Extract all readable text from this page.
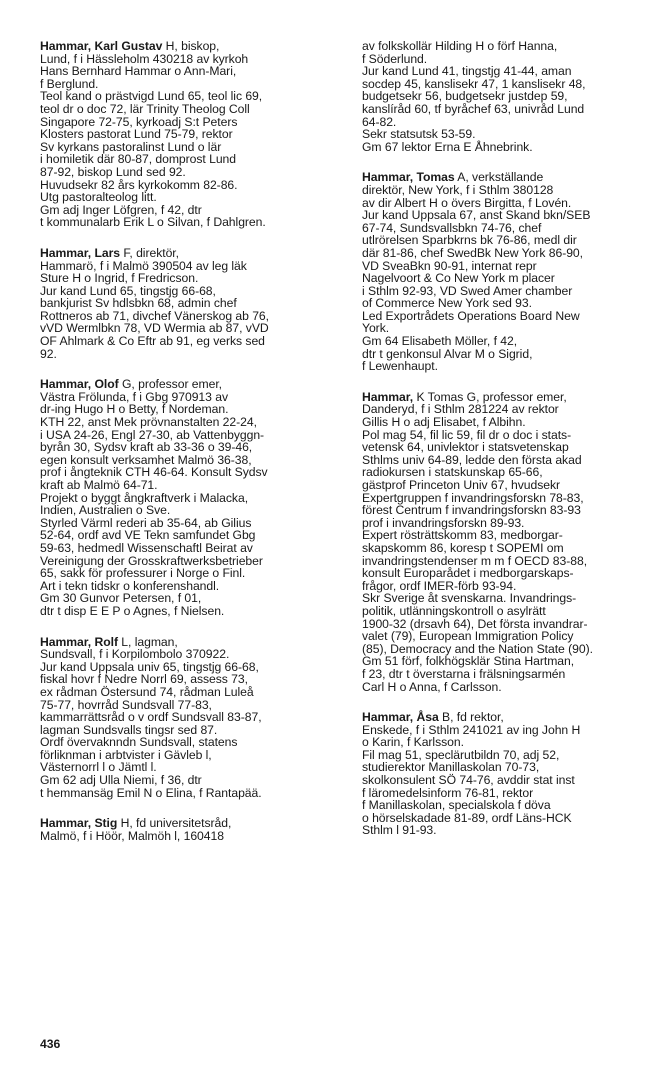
Hammar, Karl Gustav H, biskop,

Lund, f i Hässleholm 430218 av kyrkoh

Hans Bernhard Hammar o Ann-Mari,

f Berglund.

Teol kand o prästvigd Lund 65, teol lic 69,

teol dr o doc 72, lär Trinity Theolog Coll

Singapore 72-75, kyrkoadj S:t Peters

Klosters pastorat Lund 75-79, rektor

Sv kyrkans pastoralinst Lund o lär

i homiletik där 80-87, domprost Lund

87-92, biskop Lund sed 92.

Huvudsekr 82 års kyrkokomm 82-86.

Utg pastoralteolog litt.

Gm adj Inger Löfgren, f 42, dtr

t kommunalarb Erik L o Silvan, f Dahlgren.

Hammar, Lars F, direktör,

Hammarö, f i Malmö 390504 av leg läk

Sture H o Ingrid, f Fredricson.

Jur kand Lund 65, tingstjg 66-68,

bankjurist Sv hdlsbkn 68, admin chef

Rottneros ab 71, divchef Vänerskog ab 76,

vVD Wermlbkn 78, VD Wermia ab 87, vVD

OF Ahlmark & Co Eftr ab 91, eg verks sed

92.

Hammar, Olof G, professor emer,

Västra Frölunda, f i Gbg 970913 av

dr-ing Hugo H o Betty, f Nordeman.

KTH 22, anst Mek prövnanstalten 22-24,

i USA 24-26, Engl 27-30, ab Vattenbyggn-

byrån 30, Sydsv kraft ab 33-36 o 39-46,

egen konsult verksamhet Malmö 36-38,

prof i ångteknik CTH 46-64. Konsult Sydsv

kraft ab Malmö 64-71.

Projekt o byggt ångkraftverk i Malacka,

Indien, Australien o Sve.

Styrled Värml rederi ab 35-64, ab Gilius

52-64, ordf avd VE Tekn samfundet Gbg

59-63, hedmedl Wissenschaftl Beirat av

Vereinigung der Grosskraftwerksbetrieber

65, sakk för professurer i Norge o Finl.

Art i tekn tidskr o konferenshandl.

Gm 30 Gunvor Petersen, f 01,

dtr t disp E E P o Agnes, f Nielsen.

Hammar, Rolf L, lagman,

Sundsvall, f i Korpilombolo 370922.

Jur kand Uppsala univ 65, tingstjg 66-68,

fiskal hovr f Nedre Norrl 69, assess 73,

ex rådman Östersund 74, rådman Luleå

75-77, hovrråd Sundsvall 77-83,

kammarrättsråd o v ordf Sundsvall 83-87,

lagman Sundsvalls tingsr sed 87.

Ordf övervaknndn Sundsvall, statens

förliknman i arbtvister i Gävleb l,

Västernorrl l o Jämtl l.

Gm 62 adj Ulla Niemi, f 36, dtr

t hemmansäg Emil N o Elina, f Rantapää.

Hammar, Stig H, fd universitetsråd,

Malmö, f i Höör, Malmöh l, 160418

av folkskollär Hilding H o förf Hanna,

f Söderlund.

Jur kand Lund 41, tingstjg 41-44, aman

socdep 45, kanslisekr 47, 1 kanslisekr 48,

budgetsekr 56, budgetsekr justdep 59,

kanslíråd 60, tf byråchef 63, univråd Lund

64-82.

Sekr statsutsk 53-59.

Gm 67 lektor Erna E Åhnebrink.

Hammar, Tomas A, verkställande

direktör, New York, f i Sthlm 380128

av dir Albert H o övers Birgitta, f Lovén.

Jur kand Uppsala 67, anst Skand bkn/SEB

67-74, Sundsvallsbkn 74-76, chef

utlrörelsen Sparbkrns bk 76-86, medl dir

där 81-86, chef SwedBk New York 86-90,

VD SveaBkn 90-91, internat repr

Nagelvoort & Co New York m placer

i Sthlm 92-93, VD Swed Amer chamber

of Commerce New York sed 93.

Led Exportrådets Operations Board New

York.

Gm 64 Elisabeth Möller, f 42,

dtr t genkonsul Alvar M o Sigrid,

f Lewenhaupt.

Hammar, K Tomas G, professor emer,

Danderyd, f i Sthlm 281224 av rektor

Gillis H o adj Elisabet, f Albihn.

Pol mag 54, fil lic 59, fil dr o doc i stats-

vetensk 64, univlektor i statsvetenskap

Sthlms univ 64-89, ledde den första akad

radiokursen i statskunskap 65-66,

gästprof Princeton Univ 67, hvudsekr

Expertgruppen f invandringsforskn 78-83,

förest Centrum f invandringsforskn 83-93

prof i invandringsforskn 89-93.

Expert rösträttskomm 83, medborgar-

skapskomm 86, koresp t SOPEMI om

invandringstendenser m m f OECD 83-88,

konsult Europarådet i medborgarskaps-

frågor, ordf IMER-förb 93-94.

Skr Sverige åt svenskarna. Invandrings-

politik, utlänningskontroll o asylrätt

1900-32 (drsavh 64), Det första invandrar-

valet (79), European Immigration Policy

(85), Democracy and the Nation State (90).

Gm 51 förf, folkhögsklär Stina Hartman,

f 23, dtr t överstarna i frälsningsarmén

Carl H o Anna, f Carlsson.

Hammar, Åsa B, fd rektor,

Enskede, f i Sthlm 241021 av ing John H

o Karin, f Karlsson.

Fil mag 51, speclärutbildn 70, adj 52,

studierektor Manillaskolan 70-73,

skolkonsulent SÖ 74-76, avddir stat inst

f läromedelsinform 76-81, rektor

f Manillaskolan, specialskola f döva

o hörselskadade 81-89, ordf Läns-HCK

Sthlm l 91-93.

436
